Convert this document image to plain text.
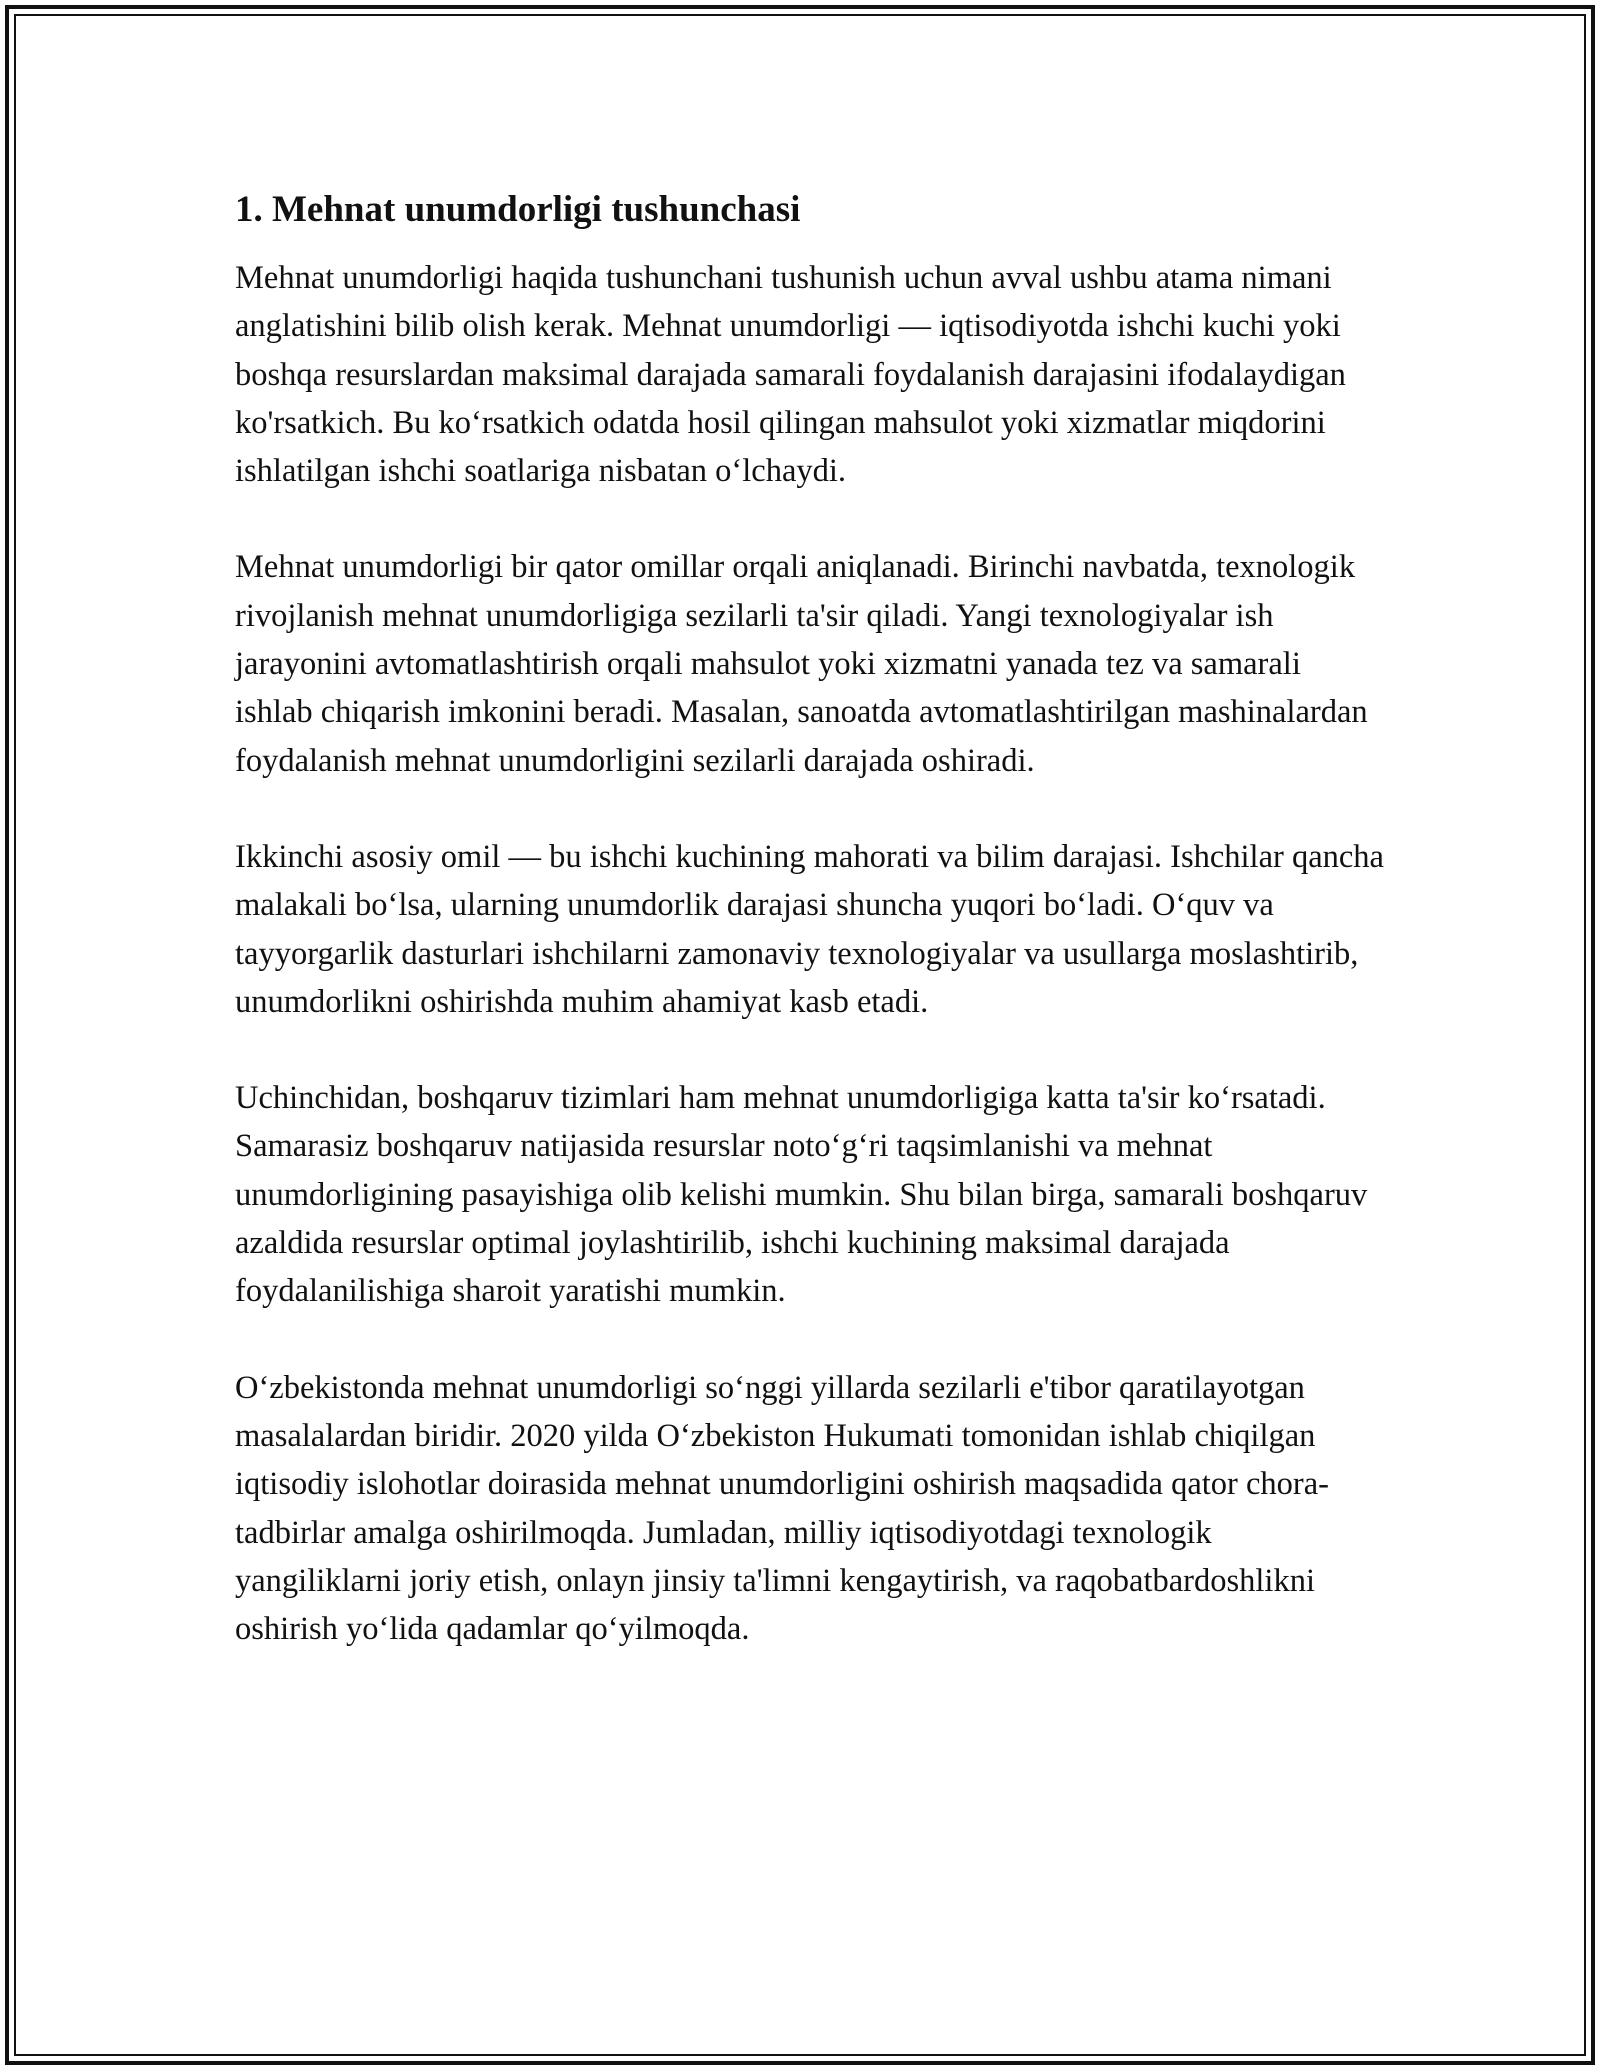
1. Mehnat unumdorligi tushunchasi

Mehnat unumdorligi haqida tushunchani tushunish uchun avval ushbu atama nimani anglatishini bilib olish kerak. Mehnat unumdorligi — iqtisodiyotda ishchi kuchi yoki boshqa resurslardan maksimal darajada samarali foydalanish darajasini ifodalaydigan ko'rsatkich. Bu ko‘rsatkich odatda hosil qilingan mahsulot yoki xizmatlar miqdorini ishlatilgan ishchi soatlariga nisbatan o‘lchaydi.

Mehnat unumdorligi bir qator omillar orqali aniqlanadi. Birinchi navbatda, texnologik rivojlanish mehnat unumdorligiga sezilarli ta'sir qiladi. Yangi texnologiyalar ish jarayonini avtomatlashtirish orqali mahsulot yoki xizmatni yanada tez va samarali ishlab chiqarish imkonini beradi. Masalan, sanoatda avtomatlashtirilgan mashinalardan foydalanish mehnat unumdorligini sezilarli darajada oshiradi.

Ikkinchi asosiy omil — bu ishchi kuchining mahorati va bilim darajasi. Ishchilar qancha malakali bo‘lsa, ularning unumdorlik darajasi shuncha yuqori bo‘ladi. O‘quv va tayyorgarlik dasturlari ishchilarni zamonaviy texnologiyalar va usullarga moslashtirib, unumdorlikni oshirishda muhim ahamiyat kasb etadi.

Uchinchidan, boshqaruv tizimlari ham mehnat unumdorligiga katta ta'sir ko‘rsatadi. Samarasiz boshqaruv natijasida resurslar noto‘g‘ri taqsimlanishi va mehnat unumdorligining pasayishiga olib kelishi mumkin. Shu bilan birga, samarali boshqaruv azaldida resurslar optimal joylashtirilib, ishchi kuchining maksimal darajada foydalanilishiga sharoit yaratishi mumkin.

O‘zbekistonda mehnat unumdorligi so‘nggi yillarda sezilarli e'tibor qaratilayotgan masalalardan biridir. 2020 yilda O‘zbekiston Hukumati tomonidan ishlab chiqilgan iqtisodiy islohotlar doirasida mehnat unumdorligini oshirish maqsadida qator chora-tadbirlar amalga oshirilmoqda. Jumladan, milliy iqtisodiyotdagi texnologik yangiliklarni joriy etish, onlayn jinsiy ta'limni kengaytirish, va raqobatbardoshlikni oshirish yo‘lida qadamlar qo‘yilmoqda.
